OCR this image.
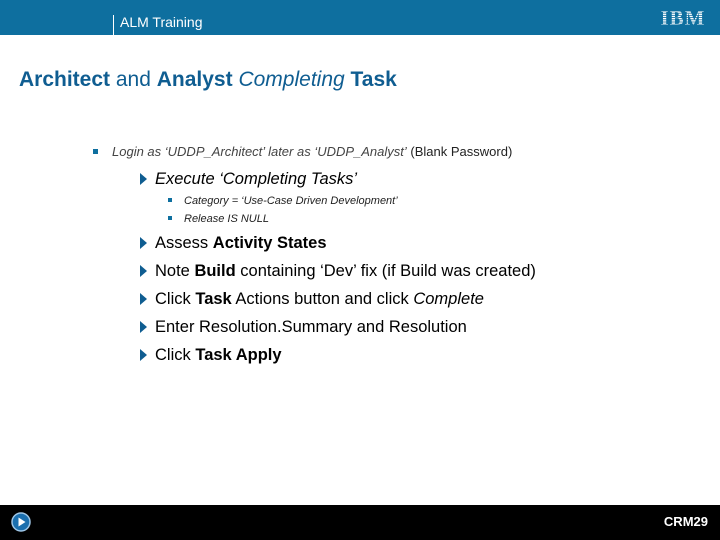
ALM Training	IBM
Architect and Analyst Completing Task
Login as ‘UDDP_Architect’ later as ‘UDDP_Analyst’ (Blank Password)
Execute ‘Completing Tasks’
Category = ‘Use-Case Driven Development’
Release IS NULL
Assess Activity States
Note Build containing ‘Dev’ fix (if Build was created)
Click Task Actions button and click Complete
Enter Resolution.Summary and Resolution
Click Task Apply
CRM29
